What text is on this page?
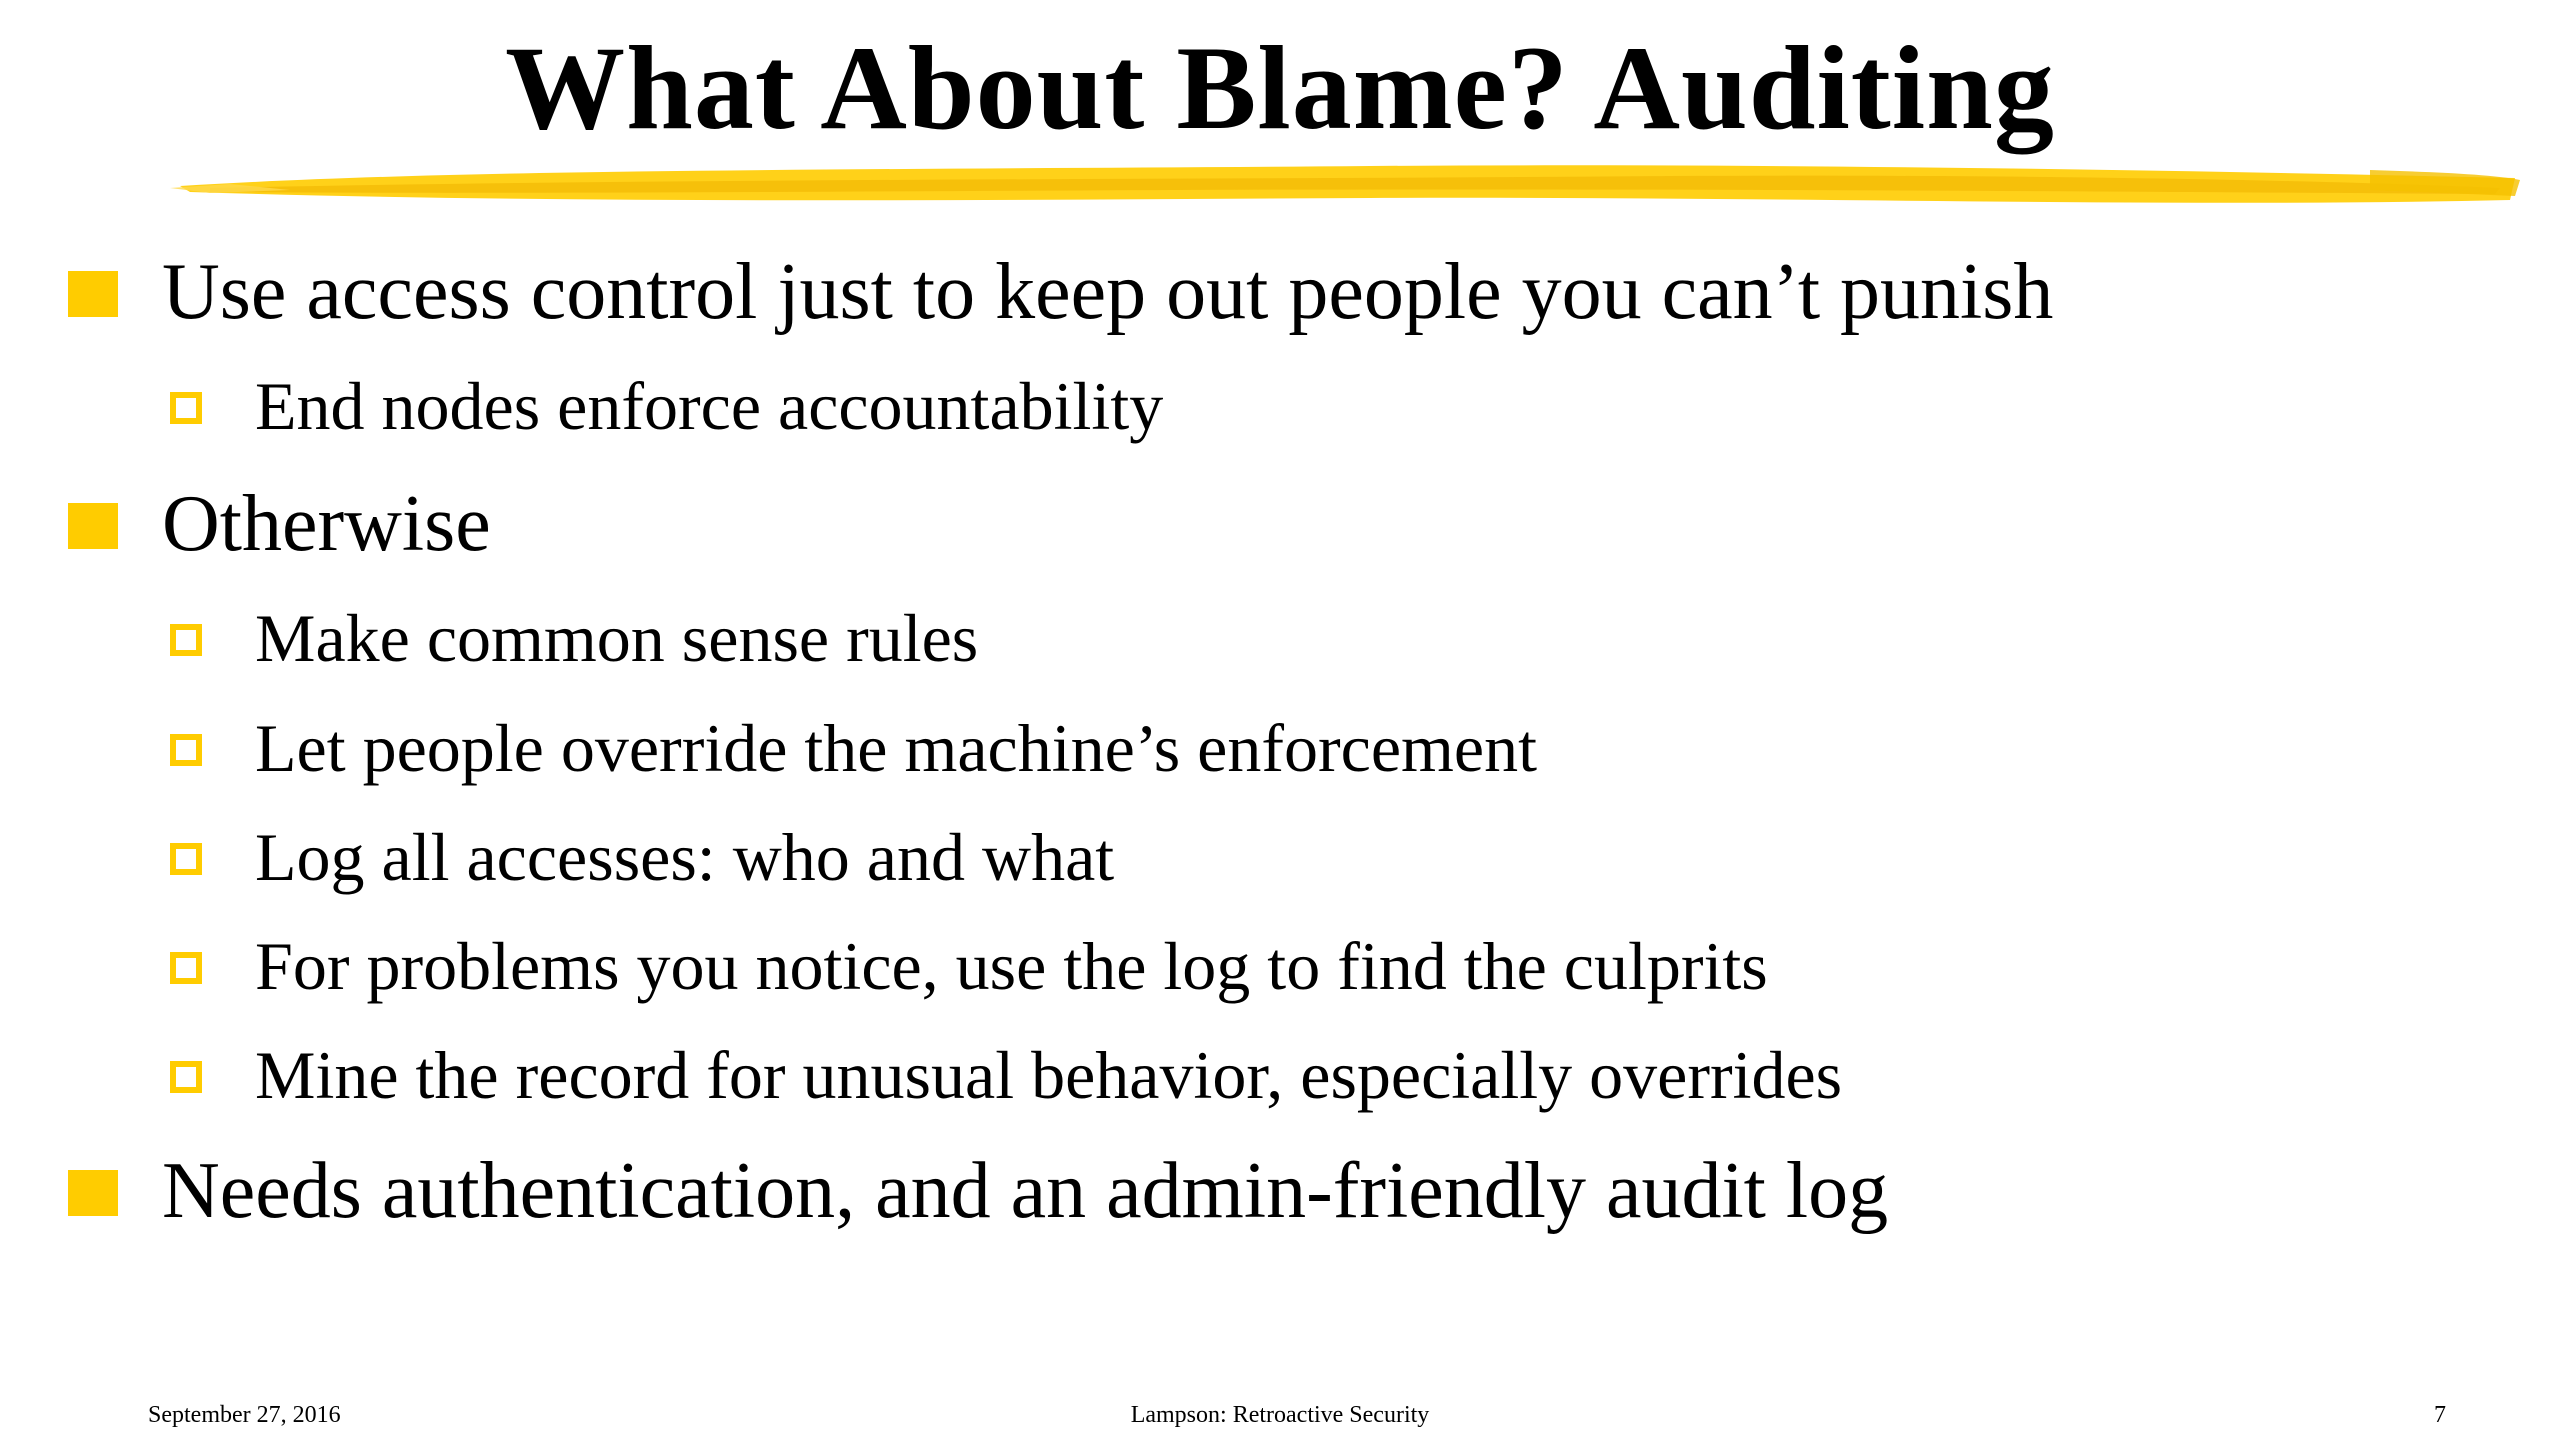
What About Blame? Auditing
Use access control just to keep out people you can’t punish
End nodes enforce accountability
Otherwise
Make common sense rules
Let people override the machine’s enforcement
Log all accesses: who and what
For problems you notice, use the log to find the culprits
Mine the record for unusual behavior, especially overrides
Needs authentication, and an admin-friendly audit log
September 27, 2016	Lampson: Retroactive Security	7
